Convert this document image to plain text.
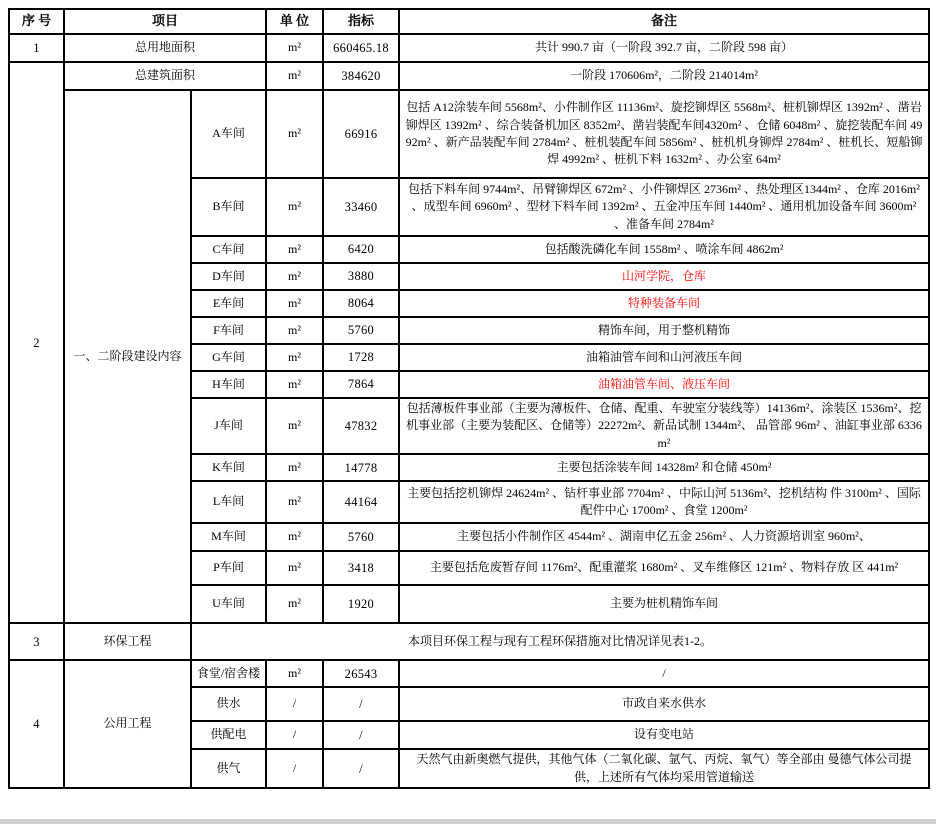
序 号	项目		单 位	指标	备注
1	总用地面积		m²	660465.18	共计 990.7 亩（一阶段 392.7 亩，二阶段 598 亩）
2	总建筑面积		m²	384620	一阶段 170606m²，二阶段 214014m²
	一、二阶段建设内容	A车间	m²	66916	包括 A12涂装车间 5568m²、小件制作区 11136m²、旋挖铆焊区 5568m²、桩机铆焊区 1392m² 、凿岩铆焊区 1392m² 、综合装备机加区 8352m²、凿岩装配车间4320m² 、仓储 6048m² 、旋挖装配车间 4992m² 、新产品装配车间 2784m² 、桩机装配车间 5856m² 、桩机机身铆焊 2784m² 、桩机长、短船铆焊 4992m² 、桩机下料 1632m² 、办公室 64m²
		B车间	m²	33460	包括下料车间 9744m²、吊臂铆焊区 672m² 、小件铆焊区 2736m² 、热处理区1344m² 、仓库 2016m² 、成型车间 6960m² 、型材下料车间 1392m² 、五金冲压车间 1440m² 、通用机加设备车间 3600m² 、准备车间 2784m²
		C车间	m²	6420	包括酸洗磷化车间 1558m² 、喷涂车间 4862m²
		D车间	m²	3880	山河学院，仓库
		E车间	m²	8064	特种装备车间
		F车间	m²	5760	精饰车间，用于整机精饰
		G车间	m²	1728	油箱油管车间和山河液压车间
		H车间	m²	7864	油箱油管车间、液压车间
		J车间	m²	47832	包括薄板件事业部（主要为薄板件、仓储、配重、车驶室分装线等）14136m²、涂装区 1536m²、挖机事业部（主要为装配区、仓储等）22272m²、新品试制 1344m²、 品管部 96m² 、油缸事业部 6336m²
		K车间	m²	14778	主要包括涂装车间 14328m² 和仓储 450m²
		L车间	m²	44164	主要包括挖机铆焊 24624m² 、钻杆事业部 7704m² 、中际山河 5136m²、挖机结构 件 3100m² 、国际配件中心 1700m² 、食堂 1200m²
		M车间	m²	5760	主要包括小件制作区 4544m² 、湖南申亿五金 256m² 、人力资源培训室 960m²、
		P车间	m²	3418	主要包括危废暂存间 1176m²、配重灌浆 1680m² 、叉车维修区 121m² 、物料存放 区 441m²
		U车间	m²	1920	主要为桩机精饰车间
3	环保工程	本项目环保工程与现有工程环保措施对比情况详见表1-2。			
4	公用工程	食堂/宿舍楼	m²	26543	/
		供水	/	/	市政自来水供水
		供配电	/	/	设有变电站
		供气	/	/	天然气由新奥燃气提供，其他气体（二氧化碳、氩气、丙烷、氧气）等全部由 曼德气体公司提供，上述所有气体均采用管道输送
